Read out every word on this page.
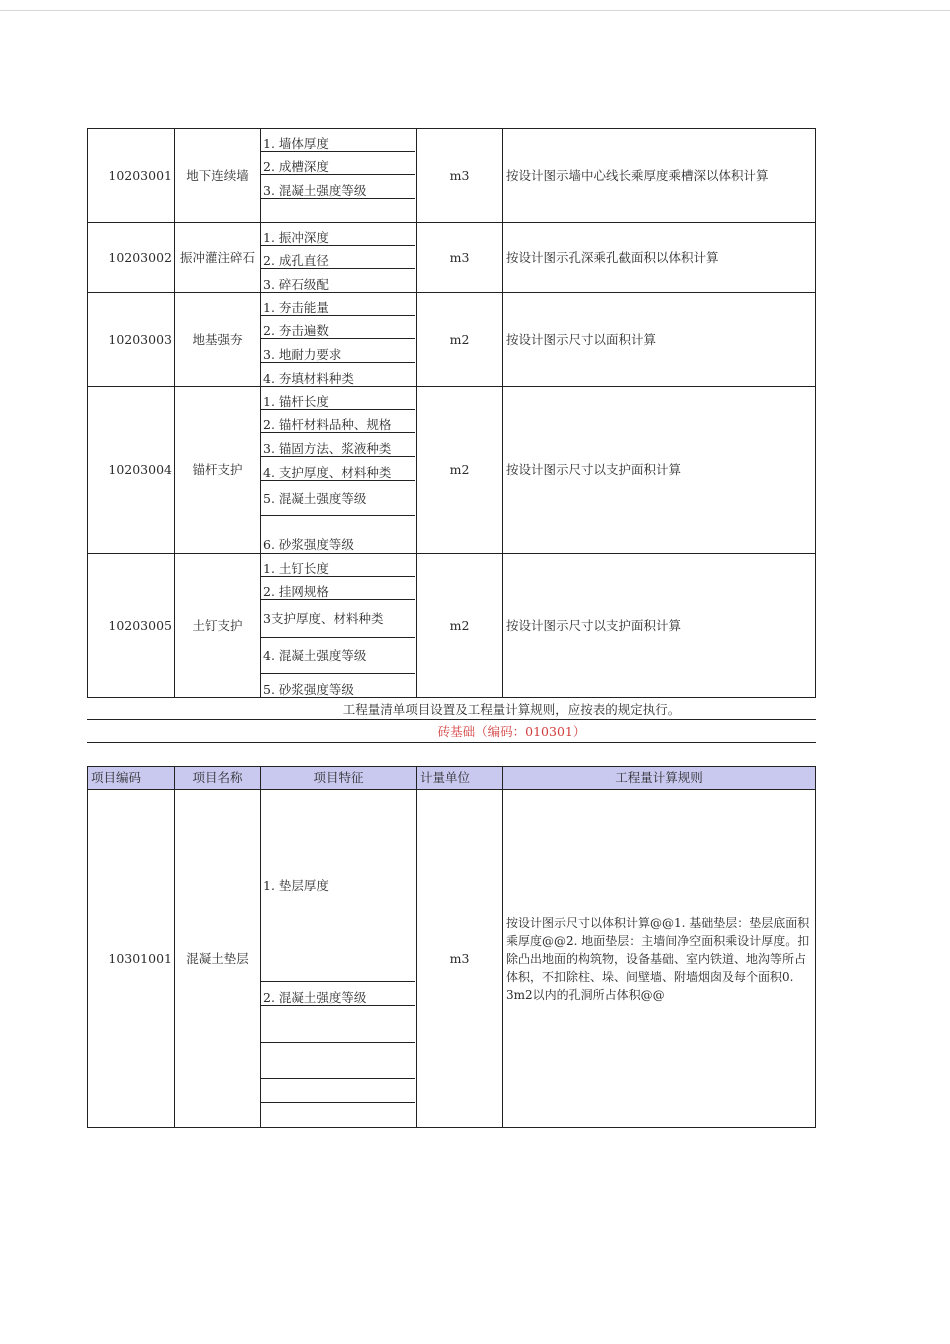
10203001	地下连续墙
1. 墙体厚度
2. 成槽深度
3. 混凝土强度等级
m3	按设计图示墙中心线长乘厚度乘槽深以体积计算
10203002 振冲灌注碎石
1. 振冲深度
2. 成孔直径
3. 碎石级配
m3	按设计图示孔深乘孔截面积以体积计算
10203003	地基强夯
1. 夯击能量
2. 夯击遍数
3. 地耐力要求
4. 夯填材料种类
m2	按设计图示尺寸以面积计算
10203004	锚杆支护
1. 锚杆长度
2. 锚杆材料品种、规格
3. 锚固方法、浆液种类
4. 支护厚度、材料种类
5. 混凝土强度等级
6. 砂浆强度等级
m2	按设计图示尺寸以支护面积计算
10203005	土钉支护
1. 土钉长度
2. 挂网规格
3支护厚度、材料种类
4. 混凝土强度等级
5. 砂浆强度等级
m2	按设计图示尺寸以支护面积计算
工程量清单项目设置及工程量计算规则，应按表的规定执行。
砖基础（编码：010301）
项目编码	项目名称	项目特征	计量单位	工程量计算规则
10301001	混凝土垫层
1. 垫层厚度
2. 混凝土强度等级
m3
按设计图示尺寸以体积计算@@1. 基础垫层：垫层底面积乘厚度@@2. 地面垫层：主墙间净空面积乘设计厚度。扣除凸出地面的构筑物，设备基础、室内铁道、地沟等所占体积，不扣除柱、垛、间壁墙、附墙烟囱及每个面积0. 3m2以内的孔洞所占体积@@
